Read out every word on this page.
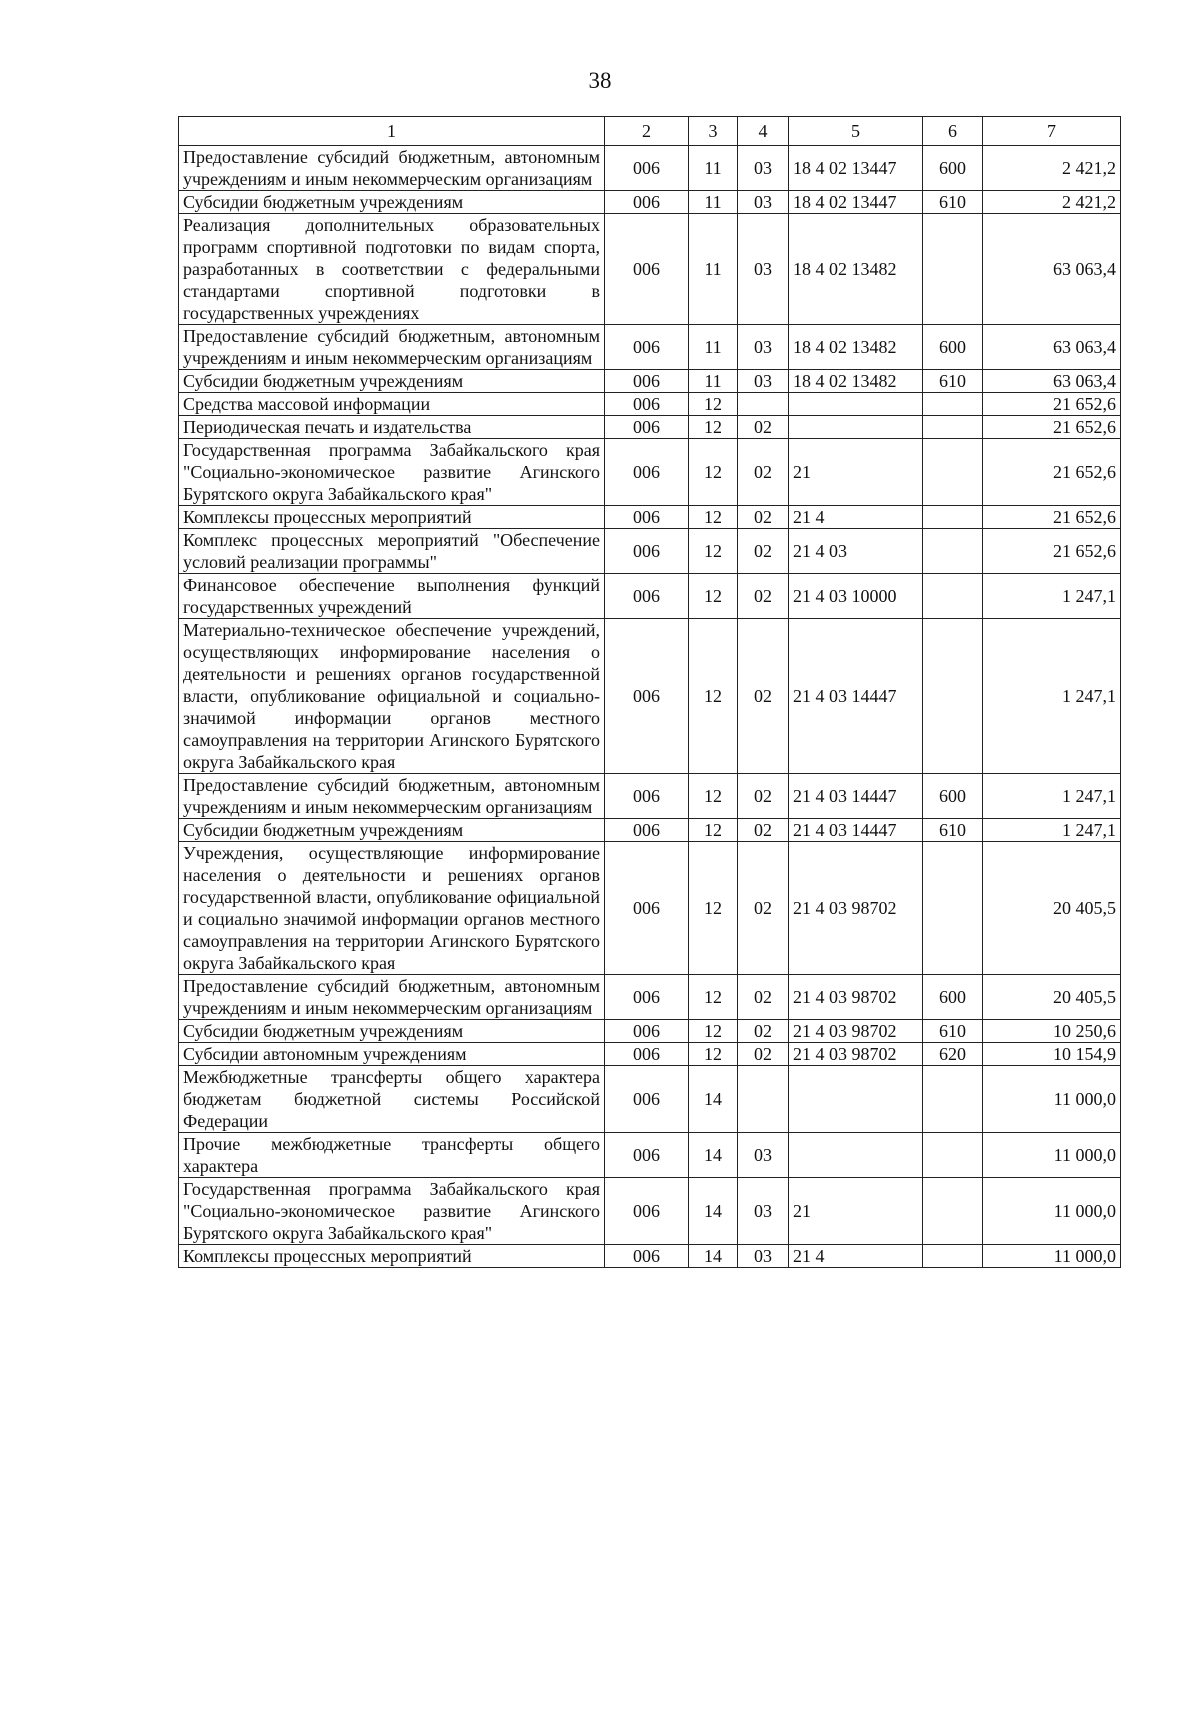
38
1	2	3	4	5	6	7
Предоставление субсидий бюджетным, автономным учреждениям и иным некоммерческим организациям	006	11	03	18 4 02 13447	600	2 421,2
Субсидии бюджетным учреждениям	006	11	03	18 4 02 13447	610	2 421,2
Реализация дополнительных образовательных программ спортивной подготовки по видам спорта, разработанных в соответствии с федеральными стандартами спортивной подготовки в государственных учреждениях	006	11	03	18 4 02 13482		63 063,4
Предоставление субсидий бюджетным, автономным учреждениям и иным некоммерческим организациям	006	11	03	18 4 02 13482	600	63 063,4
Субсидии бюджетным учреждениям	006	11	03	18 4 02 13482	610	63 063,4
Средства массовой информации	006	12				21 652,6
Периодическая печать и издательства	006	12	02			21 652,6
Государственная программа Забайкальского края "Социально-экономическое развитие Агинского Бурятского округа Забайкальского края"	006	12	02	21		21 652,6
Комплексы процессных мероприятий	006	12	02	21 4		21 652,6
Комплекс процессных мероприятий "Обеспечение условий реализации программы"	006	12	02	21 4 03		21 652,6
Финансовое обеспечение выполнения функций государственных учреждений	006	12	02	21 4 03 10000		1 247,1
Материально-техническое обеспечение учреждений, осуществляющих информирование населения о деятельности и решениях органов государственной власти, опубликование официальной и социально-значимой информации органов местного самоуправления на территории Агинского Бурятского округа Забайкальского края	006	12	02	21 4 03 14447		1 247,1
Предоставление субсидий бюджетным, автономным учреждениям и иным некоммерческим организациям	006	12	02	21 4 03 14447	600	1 247,1
Субсидии бюджетным учреждениям	006	12	02	21 4 03 14447	610	1 247,1
Учреждения, осуществляющие информирование населения о деятельности и решениях органов государственной власти, опубликование официальной и социально значимой информации органов местного самоуправления на территории Агинского Бурятского округа Забайкальского края	006	12	02	21 4 03 98702		20 405,5
Предоставление субсидий бюджетным, автономным учреждениям и иным некоммерческим организациям	006	12	02	21 4 03 98702	600	20 405,5
Субсидии бюджетным учреждениям	006	12	02	21 4 03 98702	610	10 250,6
Субсидии автономным учреждениям	006	12	02	21 4 03 98702	620	10 154,9
Межбюджетные трансферты общего характера бюджетам бюджетной системы Российской Федерации	006	14				11 000,0
Прочие межбюджетные трансферты общего характера	006	14	03			11 000,0
Государственная программа Забайкальского края "Социально-экономическое развитие Агинского Бурятского округа Забайкальского края"	006	14	03	21		11 000,0
Комплексы процессных мероприятий	006	14	03	21 4		11 000,0
